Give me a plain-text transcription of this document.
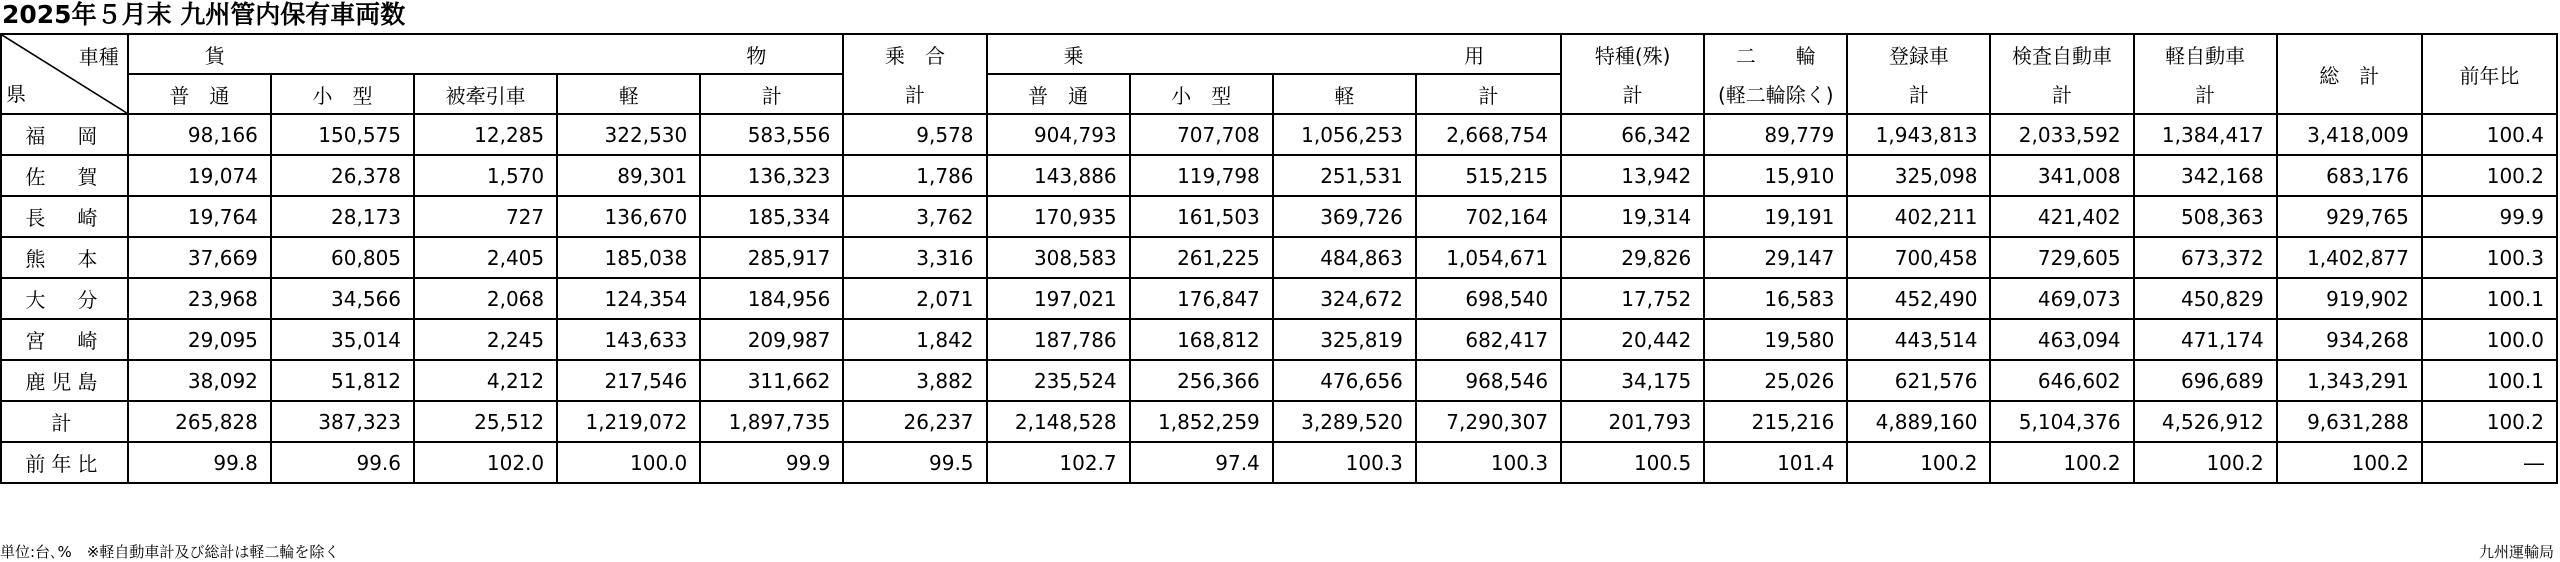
2025年５月末 九州管内保有車両数
車種
県	貨 物					乗　合	乗 用				特種(殊)	二　　輪	登録車	検査自動車	軽自動車	総　計	前年比
	普　通	小　型	被牽引車	軽	計	計	普　通	小　型	軽	計	計	(軽二輪除く)	計	計	計		
福　岡	98,166	150,575	12,285	322,530	583,556	9,578	904,793	707,708	1,056,253	2,668,754	66,342	89,779	1,943,813	2,033,592	1,384,417	3,418,009	100.4
佐　賀	19,074	26,378	1,570	89,301	136,323	1,786	143,886	119,798	251,531	515,215	13,942	15,910	325,098	341,008	342,168	683,176	100.2
長　崎	19,764	28,173	727	136,670	185,334	3,762	170,935	161,503	369,726	702,164	19,314	19,191	402,211	421,402	508,363	929,765	99.9
熊　本	37,669	60,805	2,405	185,038	285,917	3,316	308,583	261,225	484,863	1,054,671	29,826	29,147	700,458	729,605	673,372	1,402,877	100.3
大　分	23,968	34,566	2,068	124,354	184,956	2,071	197,021	176,847	324,672	698,540	17,752	16,583	452,490	469,073	450,829	919,902	100.1
宮　崎	29,095	35,014	2,245	143,633	209,987	1,842	187,786	168,812	325,819	682,417	20,442	19,580	443,514	463,094	471,174	934,268	100.0
鹿児島	38,092	51,812	4,212	217,546	311,662	3,882	235,524	256,366	476,656	968,546	34,175	25,026	621,576	646,602	696,689	1,343,291	100.1
計	265,828	387,323	25,512	1,219,072	1,897,735	26,237	2,148,528	1,852,259	3,289,520	7,290,307	201,793	215,216	4,889,160	5,104,376	4,526,912	9,631,288	100.2
前年比	99.8	99.6	102.0	100.0	99.9	99.5	102.7	97.4	100.3	100.3	100.5	101.4	100.2	100.2	100.2	100.2	―
単位:台､%　※軽自動車計及び総計は軽二輪を除く	九州運輸局
